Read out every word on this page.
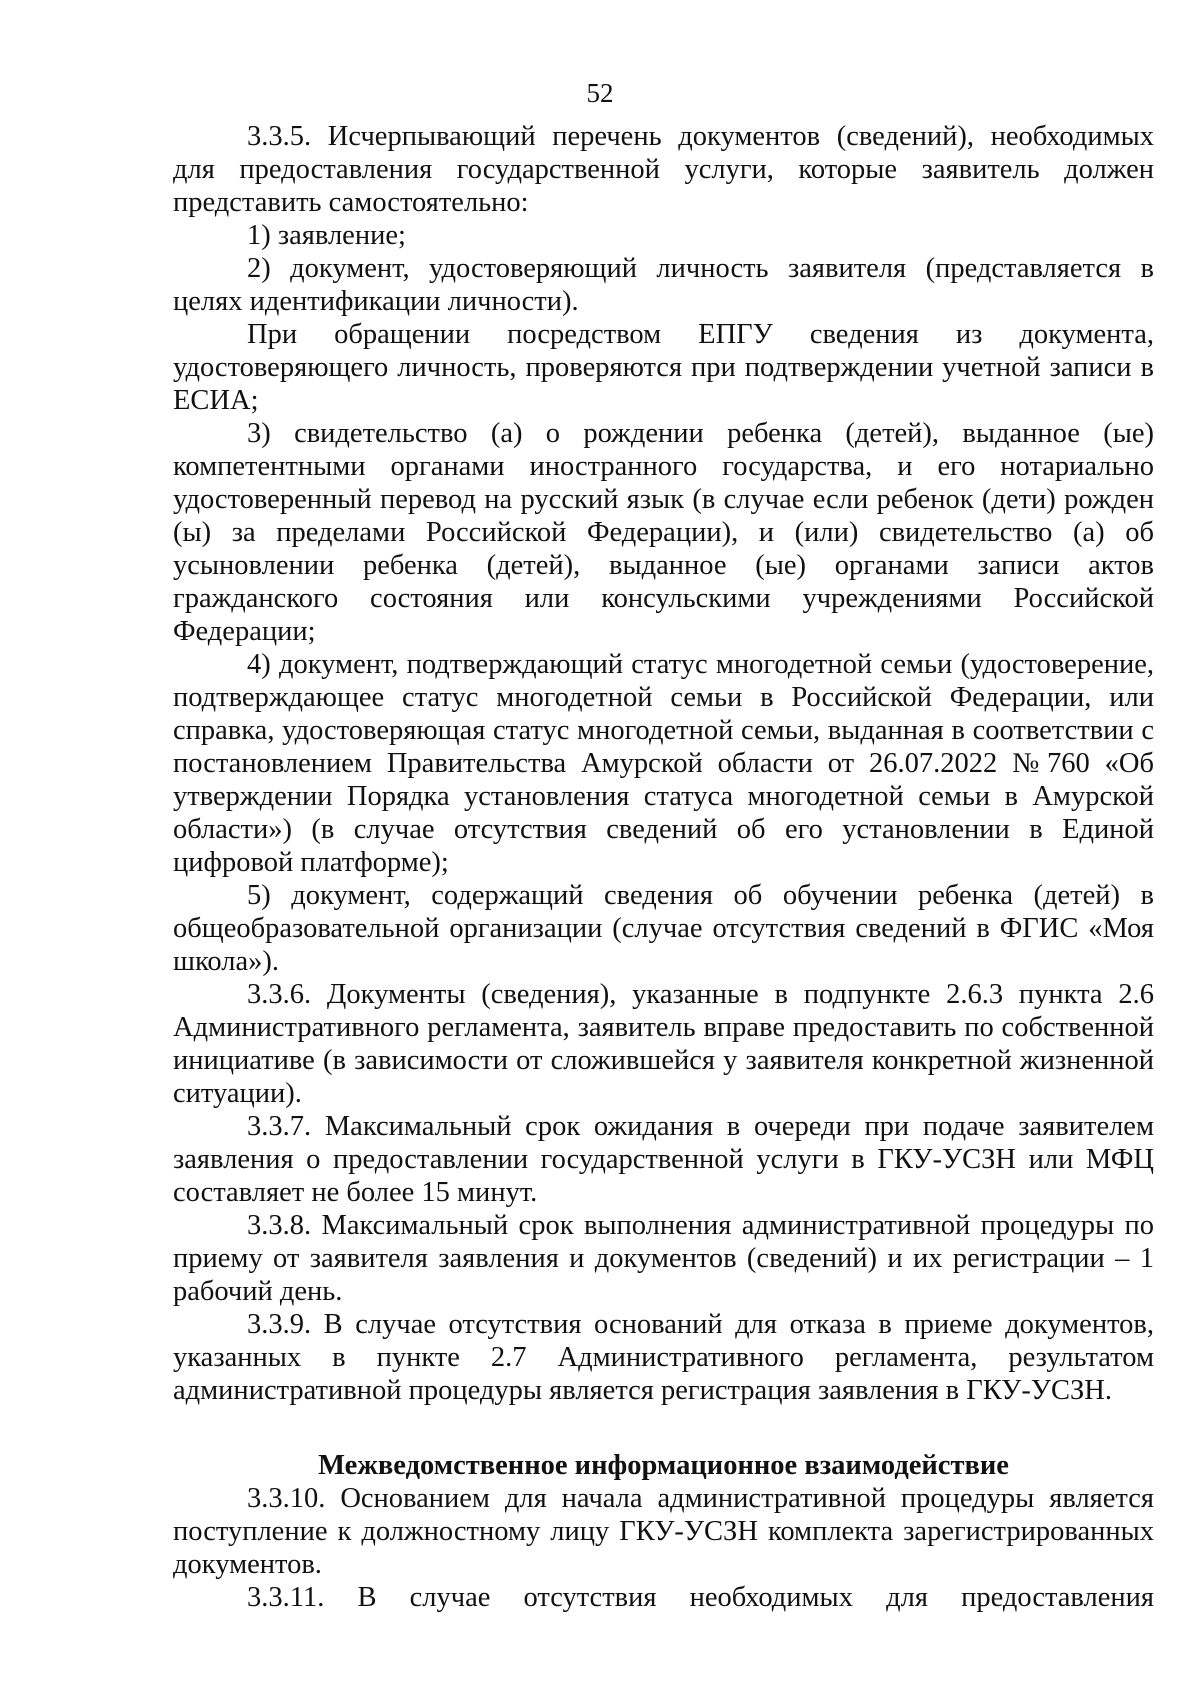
52

3.3.5. Исчерпывающий перечень документов (сведений), необходимых для предоставления государственной услуги, которые заявитель должен представить самостоятельно:

1) заявление;

2) документ, удостоверяющий личность заявителя (представляется в целях идентификации личности).

При обращении посредством ЕПГУ сведения из документа, удостоверяющего личность, проверяются при подтверждении учетной записи в ЕСИА;

3) свидетельство (а) о рождении ребенка (детей), выданное (ые) компетентными органами иностранного государства, и его нотариально удостоверенный перевод на русский язык (в случае если ребенок (дети) рожден (ы) за пределами Российской Федерации), и (или) свидетельство (а) об усыновлении ребенка (детей), выданное (ые) органами записи актов гражданского состояния или консульскими учреждениями Российской Федерации;

4) документ, подтверждающий статус многодетной семьи (удостоверение, подтверждающее статус многодетной семьи в Российской Федерации, или справка, удостоверяющая статус многодетной семьи, выданная в соответствии с постановлением Правительства Амурской области от 26.07.2022 №760 «Об утверждении Порядка установления статуса многодетной семьи в Амурской области») (в случае отсутствия сведений об его установлении в Единой цифровой платформе);

5) документ, содержащий сведения об обучении ребенка (детей) в общеобразовательной организации (случае отсутствия сведений в ФГИС «Моя школа»).

3.3.6. Документы (сведения), указанные в подпункте 2.6.3 пункта 2.6 Административного регламента, заявитель вправе предоставить по собственной инициативе (в зависимости от сложившейся у заявителя конкретной жизненной ситуации).

3.3.7. Максимальный срок ожидания в очереди при подаче заявителем заявления о предоставлении государственной услуги в ГКУ-УСЗН или МФЦ составляет не более 15 минут.

3.3.8. Максимальный срок выполнения административной процедуры по приему от заявителя заявления и документов (сведений) и их регистрации – 1 рабочий день.

3.3.9. В случае отсутствия оснований для отказа в приеме документов, указанных в пункте 2.7 Административного регламента, результатом административной процедуры является регистрация заявления в ГКУ-УСЗН.

Межведомственное информационное взаимодействие

3.3.10. Основанием для начала административной процедуры является поступление к должностному лицу ГКУ-УСЗН комплекта зарегистрированных документов.

3.3.11. В случае отсутствия необходимых для предоставления
